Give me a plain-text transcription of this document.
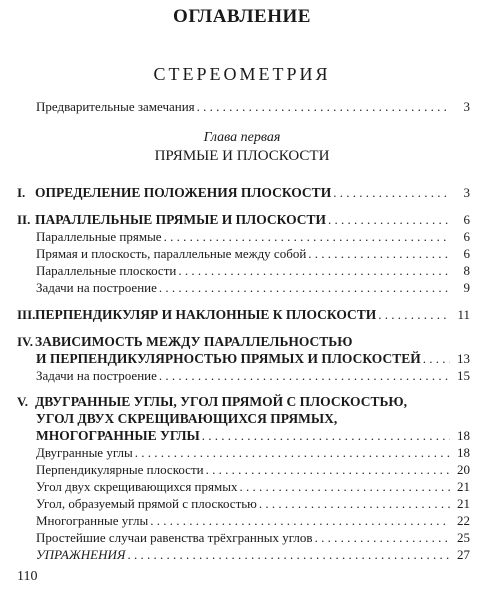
ОГЛАВЛЕНИЕ
СТЕРЕОМЕТРИЯ
Предварительные замечания . . .	3
Глава первая
ПРЯМЫЕ И ПЛОСКОСТИ
I. ОПРЕДЕЛЕНИЕ ПОЛОЖЕНИЯ ПЛОСКОСТИ . . .	3
II. ПАРАЛЛЕЛЬНЫЕ ПРЯМЫЕ И ПЛОСКОСТИ . . .	6
Параллельные прямые . . .	6
Прямая и плоскость, параллельные между собой . . .	6
Параллельные плоскости . . .	8
Задачи на построение . . .	9
III. ПЕРПЕНДИКУЛЯР И НАКЛОННЫЕ К ПЛОСКОСТИ . . .	11
IV. ЗАВИСИМОСТЬ МЕЖДУ ПАРАЛЛЕЛЬНОСТЬЮ
И ПЕРПЕНДИКУЛЯРНОСТЬЮ ПРЯМЫХ И ПЛОСКОСТЕЙ . . .	13
Задачи на построение . . .	15
V. ДВУГРАННЫЕ УГЛЫ, УГОЛ ПРЯМОЙ С ПЛОСКОСТЬЮ,
УГОЛ ДВУХ СКРЕЩИВАЮЩИХСЯ ПРЯМЫХ,
МНОГОГРАННЫЕ УГЛЫ . . .	18
Двугранные углы . . .	18
Перпендикулярные плоскости . . .	20
Угол двух скрещивающихся прямых . . .	21
Угол, образуемый прямой с плоскостью . . .	21
Многогранные углы . . .	22
Простейшие случаи равенства трёхгранных углов . . .	25
УПРАЖНЕНИЯ . . .	27
110
